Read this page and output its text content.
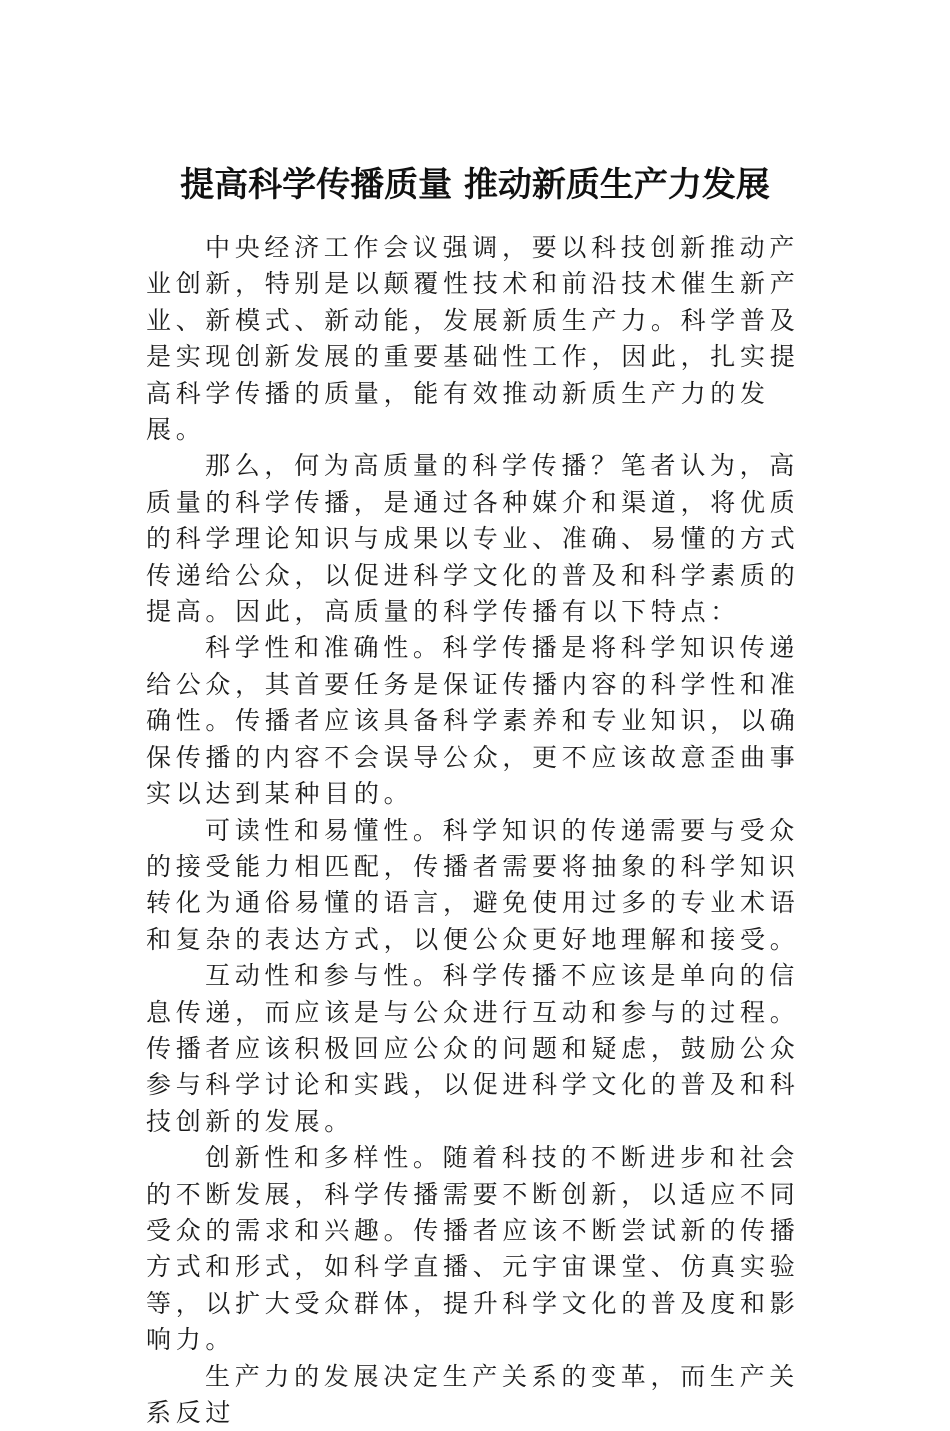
提高科学传播质量 推动新质生产力发展

中央经济工作会议强调，要以科技创新推动产业创新，特别是以颠覆性技术和前沿技术催生新产业、新模式、新动能，发展新质生产力。科学普及是实现创新发展的重要基础性工作，因此，扎实提高科学传播的质量，能有效推动新质生产力的发展。

那么，何为高质量的科学传播？笔者认为，高质量的科学传播，是通过各种媒介和渠道，将优质的科学理论知识与成果以专业、准确、易懂的方式传递给公众，以促进科学文化的普及和科学素质的提高。因此，高质量的科学传播有以下特点：

科学性和准确性。科学传播是将科学知识传递给公众，其首要任务是保证传播内容的科学性和准确性。传播者应该具备科学素养和专业知识，以确保传播的内容不会误导公众，更不应该故意歪曲事实以达到某种目的。

可读性和易懂性。科学知识的传递需要与受众的接受能力相匹配，传播者需要将抽象的科学知识转化为通俗易懂的语言，避免使用过多的专业术语和复杂的表达方式，以便公众更好地理解和接受。

互动性和参与性。科学传播不应该是单向的信息传递，而应该是与公众进行互动和参与的过程。传播者应该积极回应公众的问题和疑虑，鼓励公众参与科学讨论和实践，以促进科学文化的普及和科技创新的发展。

创新性和多样性。随着科技的不断进步和社会的不断发展，科学传播需要不断创新，以适应不同受众的需求和兴趣。传播者应该不断尝试新的传播方式和形式，如科学直播、元宇宙课堂、仿真实验等，以扩大受众群体，提升科学文化的普及度和影响力。

生产力的发展决定生产关系的变革，而生产关系反过
